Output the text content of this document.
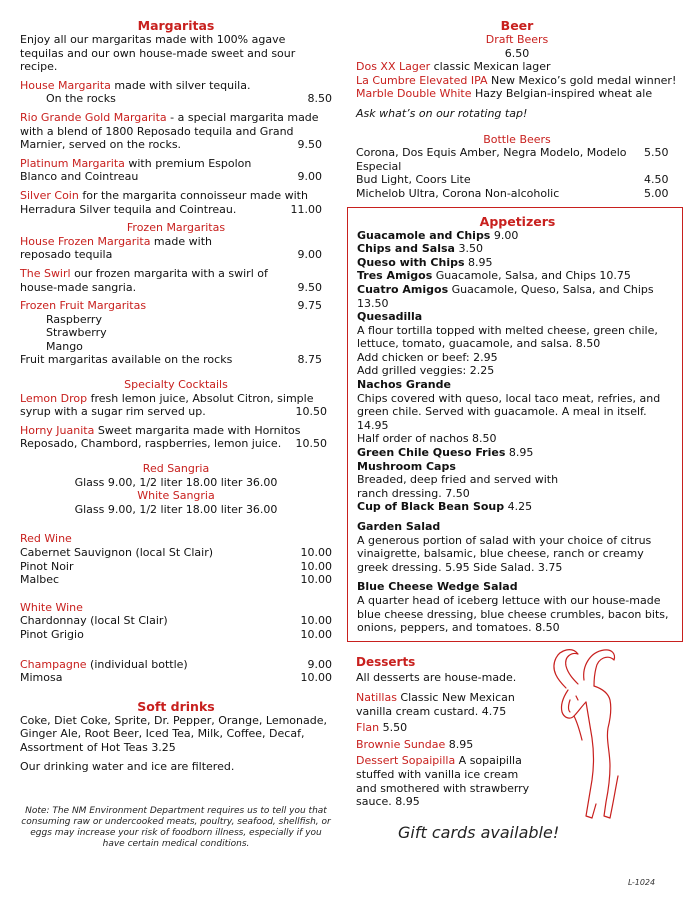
Margaritas
Enjoy all our margaritas made with 100% agave tequilas and our own house-made sweet and sour recipe.
House Margarita made with silver tequila.
On the rocks	8.50
Rio Grande Gold Margarita - a special margarita made with a blend of 1800 Reposado tequila and Grand Marnier, served on the rocks.	9.50
Platinum Margarita with premium Espolon Blanco and Cointreau	9.00
Silver Coin for the margarita connoisseur made with Herradura Silver tequila and Cointreau.	11.00
Frozen Margaritas
House Frozen Margarita made with reposado tequila	9.00
The Swirl our frozen margarita with a swirl of house-made sangria.	9.50
Frozen Fruit Margaritas	9.75
Raspberry
Strawberry
Mango
Fruit margaritas available on the rocks	8.75
Specialty Cocktails
Lemon Drop fresh lemon juice, Absolut Citron, simple syrup with a sugar rim served up.	10.50
Horny Juanita Sweet margarita made with Hornitos Reposado, Chambord, raspberries, lemon juice.	10.50
Red Sangria
Glass 9.00, 1/2 liter 18.00 liter 36.00
White Sangria
Glass 9.00, 1/2 liter 18.00 liter 36.00
Red Wine
Cabernet Sauvignon (local St Clair)	10.00
Pinot Noir	10.00
Malbec	10.00
White Wine
Chardonnay (local St Clair)	10.00
Pinot Grigio	10.00
Champagne (individual bottle)	9.00
Mimosa	10.00
Soft drinks
Coke, Diet Coke, Sprite, Dr. Pepper, Orange, Lemonade, Ginger Ale, Root Beer, Iced Tea, Milk, Coffee, Decaf, Assortment of Hot Teas 3.25
Our drinking water and ice are filtered.
Note: The NM Environment Department requires us to tell you that consuming raw or undercooked meats, poultry, seafood, shellfish, or eggs may increase your risk of foodborn illness, especially if you have certain medical conditions.
Beer
Draft Beers
6.50
Dos XX Lager classic Mexican lager
La Cumbre Elevated IPA New Mexico’s gold medal winner!
Marble Double White Hazy Belgian-inspired wheat ale
Ask what’s on our rotating tap!
Bottle Beers
Corona, Dos Equis Amber, Negra Modelo, Modelo Especial
5.50
Bud Light, Coors Lite	4.50
Michelob Ultra, Corona Non-alcoholic	5.00
Appetizers
Guacamole and Chips 9.00
Chips and Salsa 3.50
Queso with Chips 8.95
Tres Amigos Guacamole, Salsa, and Chips 10.75
Cuatro Amigos Guacamole, Queso, Salsa, and Chips 13.50
Quesadilla
A flour tortilla topped with melted cheese, green chile, lettuce, tomato, guacamole, and salsa. 8.50
Add chicken or beef: 2.95
Add grilled veggies: 2.25
Nachos Grande
Chips covered with queso, local taco meat, refries, and green chile. Served with guacamole. A meal in itself. 14.95
Half order of nachos 8.50
Green Chile Queso Fries 8.95
Mushroom Caps
Breaded, deep fried and served with ranch dressing. 7.50
Cup of Black Bean Soup 4.25
Garden Salad
A generous portion of salad with your choice of citrus vinaigrette, balsamic, blue cheese, ranch or creamy greek dressing. 5.95 Side Salad. 3.75
Blue Cheese Wedge Salad
A quarter head of iceberg lettuce with our house-made blue cheese dressing, blue cheese crumbles, bacon bits, onions, peppers, and tomatoes. 8.50
Desserts
All desserts are house-made.
Natillas Classic New Mexican vanilla cream custard. 4.75
Flan 5.50
Brownie Sundae 8.95
Dessert Sopaipilla A sopaipilla stuffed with vanilla ice cream and smothered with strawberry sauce. 8.95
Gift cards available!
L-1024
